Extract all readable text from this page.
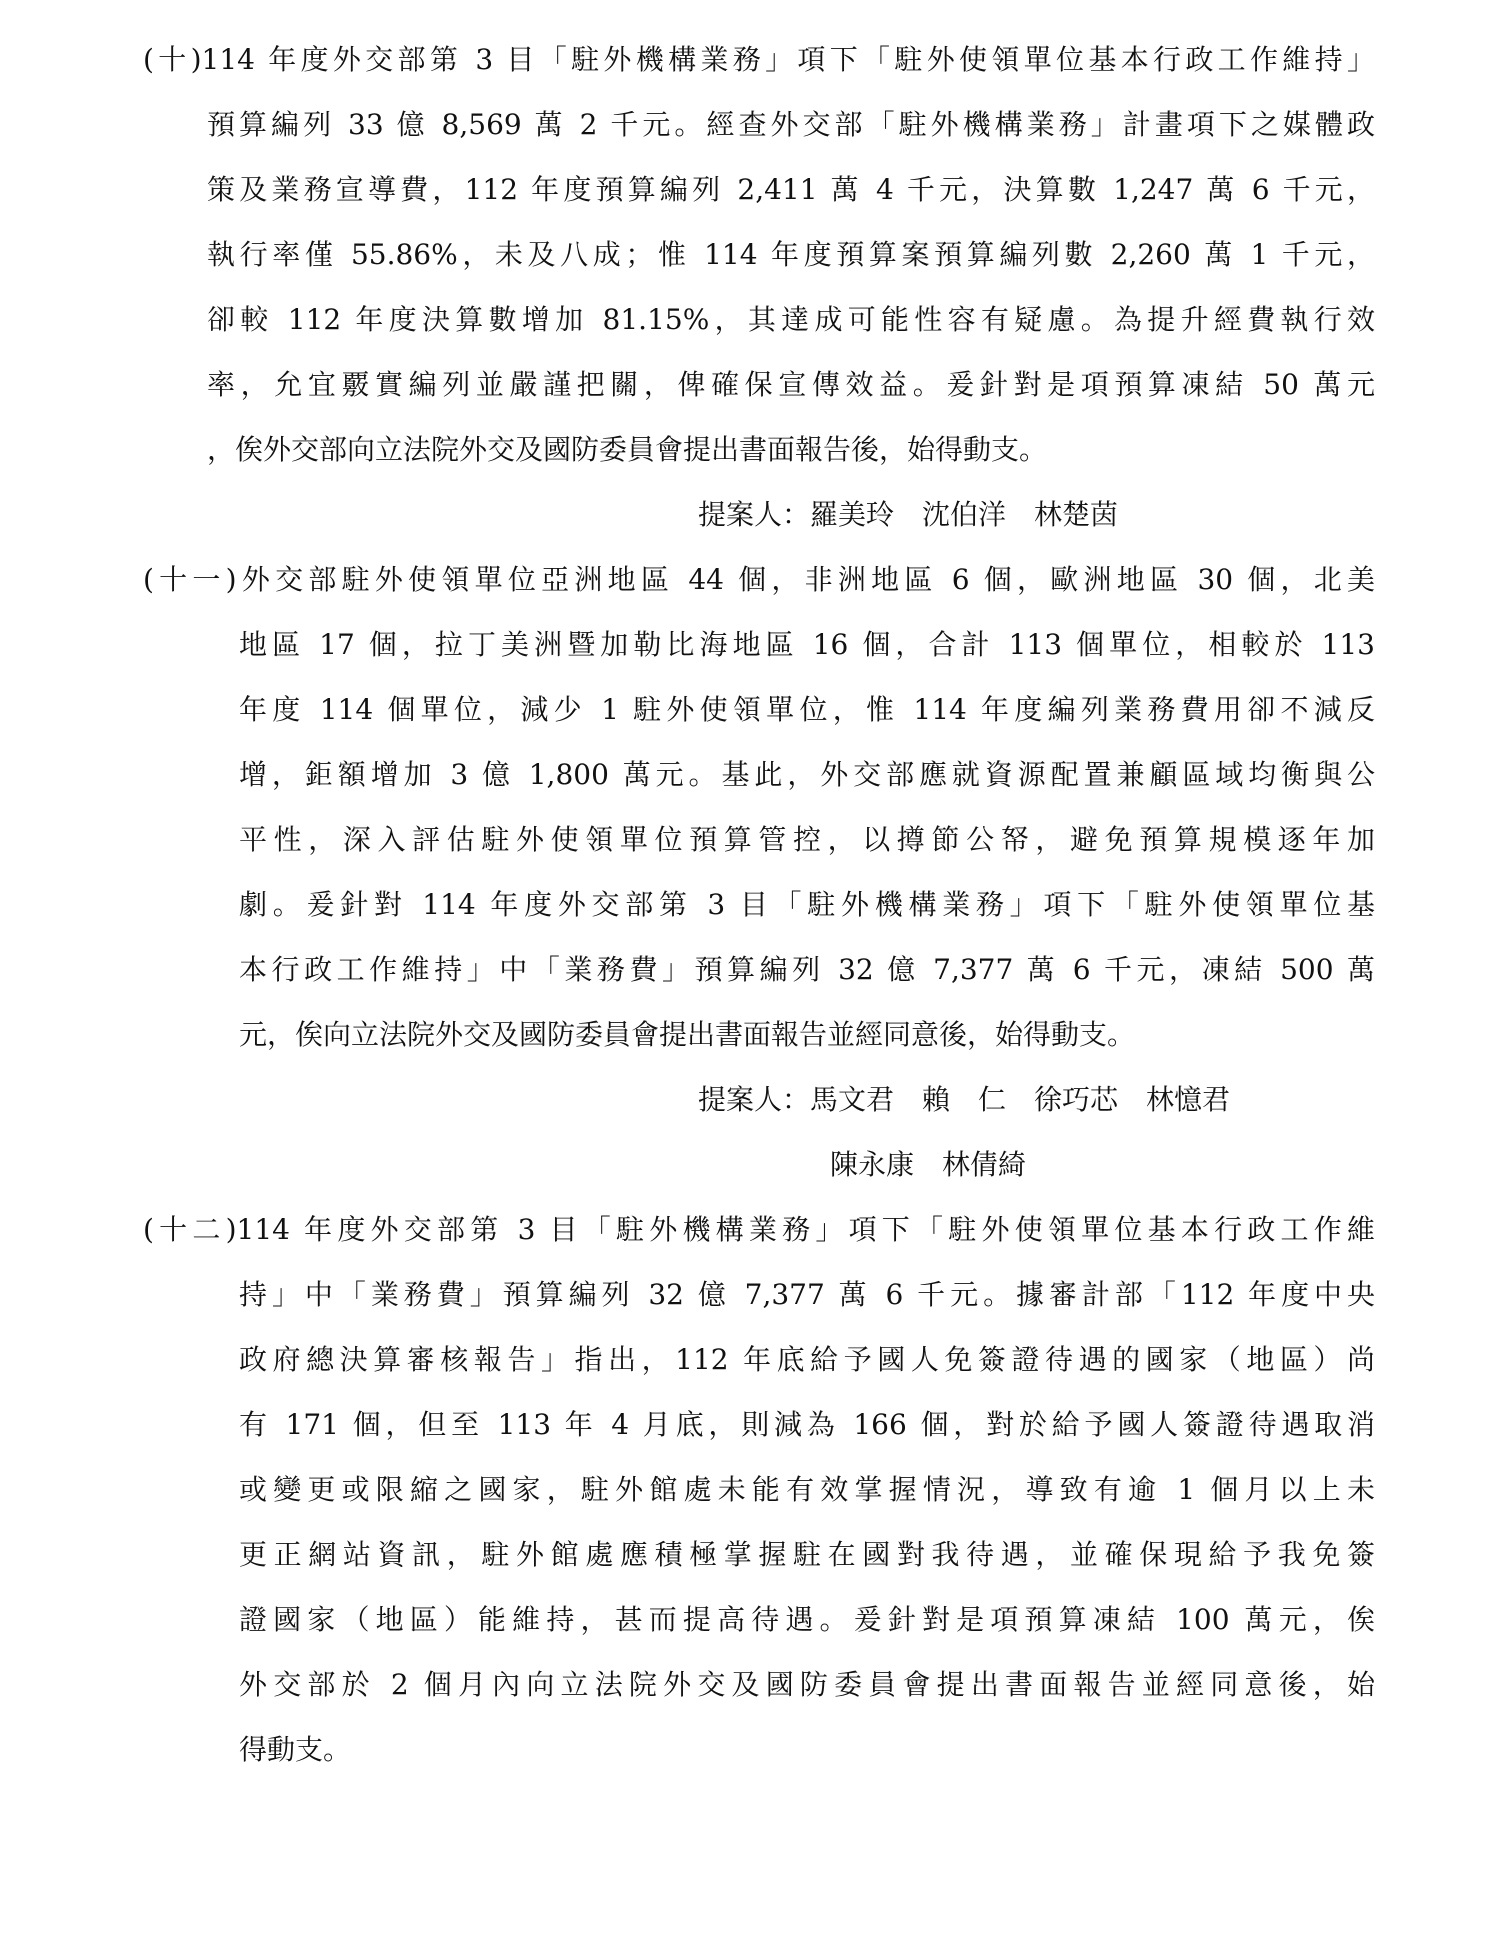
(十)114 年度外交部第 3 目「駐外機構業務」項下「駐外使領單位基本行政工作維持」
預算編列 33 億 8,569 萬 2 千元。經查外交部「駐外機構業務」計畫項下之媒體政
策及業務宣導費，112 年度預算編列 2,411 萬 4 千元，決算數 1,247 萬 6 千元，
執行率僅 55.86%，未及八成；惟 114 年度預算案預算編列數 2,260 萬 1 千元，
卻較 112 年度決算數增加 81.15%，其達成可能性容有疑慮。為提升經費執行效
率，允宜覈實編列並嚴謹把關，俾確保宣傳效益。爰針對是項預算凍結 50 萬元
，俟外交部向立法院外交及國防委員會提出書面報告後，始得動支。
提案人：羅美玲　沈伯洋　林楚茵
(十一)外交部駐外使領單位亞洲地區 44 個，非洲地區 6 個，歐洲地區 30 個，北美
地區 17 個，拉丁美洲暨加勒比海地區 16 個，合計 113 個單位，相較於 113
年度 114 個單位，減少 1 駐外使領單位，惟 114 年度編列業務費用卻不減反
增，鉅額增加 3 億 1,800 萬元。基此，外交部應就資源配置兼顧區域均衡與公
平性，深入評估駐外使領單位預算管控，以撙節公帑，避免預算規模逐年加
劇。爰針對 114 年度外交部第 3 目「駐外機構業務」項下「駐外使領單位基
本行政工作維持」中「業務費」預算編列 32 億 7,377 萬 6 千元，凍結 500 萬
元，俟向立法院外交及國防委員會提出書面報告並經同意後，始得動支。
提案人：馬文君　賴　仁　徐巧芯　林憶君
陳永康　林倩綺
(十二)114 年度外交部第 3 目「駐外機構業務」項下「駐外使領單位基本行政工作維
持」中「業務費」預算編列 32 億 7,377 萬 6 千元。據審計部「112 年度中央
政府總決算審核報告」指出，112 年底給予國人免簽證待遇的國家（地區）尚
有 171 個，但至 113 年 4 月底，則減為 166 個，對於給予國人簽證待遇取消
或變更或限縮之國家，駐外館處未能有效掌握情況，導致有逾 1 個月以上未
更正網站資訊，駐外館處應積極掌握駐在國對我待遇，並確保現給予我免簽
證國家（地區）能維持，甚而提高待遇。爰針對是項預算凍結 100 萬元，俟
外交部於 2 個月內向立法院外交及國防委員會提出書面報告並經同意後，始
得動支。
